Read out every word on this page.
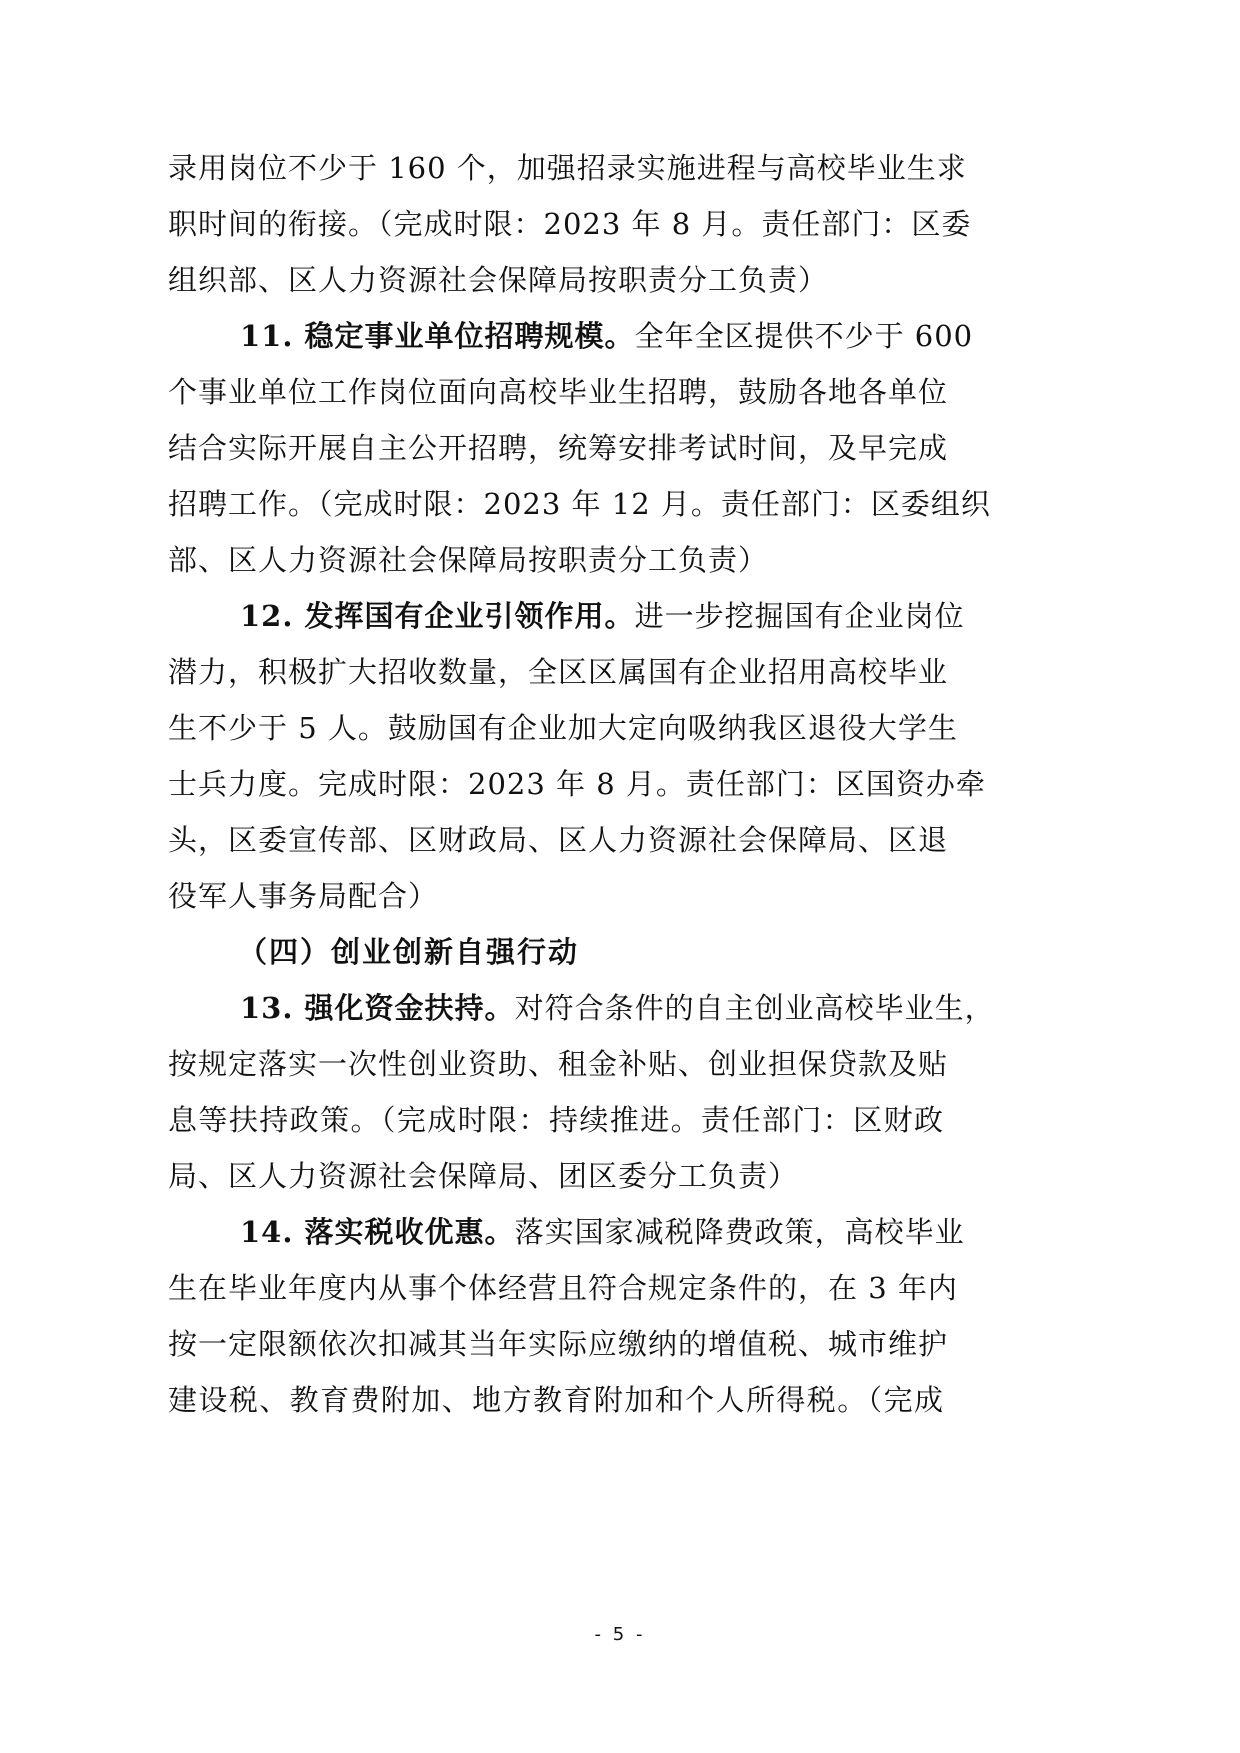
录用岗位不少于 160 个，加强招录实施进程与高校毕业生求
职时间的衔接。（完成时限：2023 年 8 月。责任部门：区委
组织部、区人力资源社会保障局按职责分工负责）
11. 稳定事业单位招聘规模。全年全区提供不少于 600
个事业单位工作岗位面向高校毕业生招聘，鼓励各地各单位
结合实际开展自主公开招聘，统筹安排考试时间，及早完成
招聘工作。（完成时限：2023 年 12 月。责任部门：区委组织
部、区人力资源社会保障局按职责分工负责）
12. 发挥国有企业引领作用。进一步挖掘国有企业岗位
潜力，积极扩大招收数量，全区区属国有企业招用高校毕业
生不少于 5 人。鼓励国有企业加大定向吸纳我区退役大学生
士兵力度。完成时限：2023 年 8 月。责任部门：区国资办牵
头，区委宣传部、区财政局、区人力资源社会保障局、区退
役军人事务局配合）
（四）创业创新自强行动
13. 强化资金扶持。对符合条件的自主创业高校毕业生，
按规定落实一次性创业资助、租金补贴、创业担保贷款及贴
息等扶持政策。（完成时限：持续推进。责任部门：区财政
局、区人力资源社会保障局、团区委分工负责）
14. 落实税收优惠。落实国家减税降费政策，高校毕业
生在毕业年度内从事个体经营且符合规定条件的，在 3 年内
按一定限额依次扣减其当年实际应缴纳的增值税、城市维护
建设税、教育费附加、地方教育附加和个人所得税。（完成
- 5 -
